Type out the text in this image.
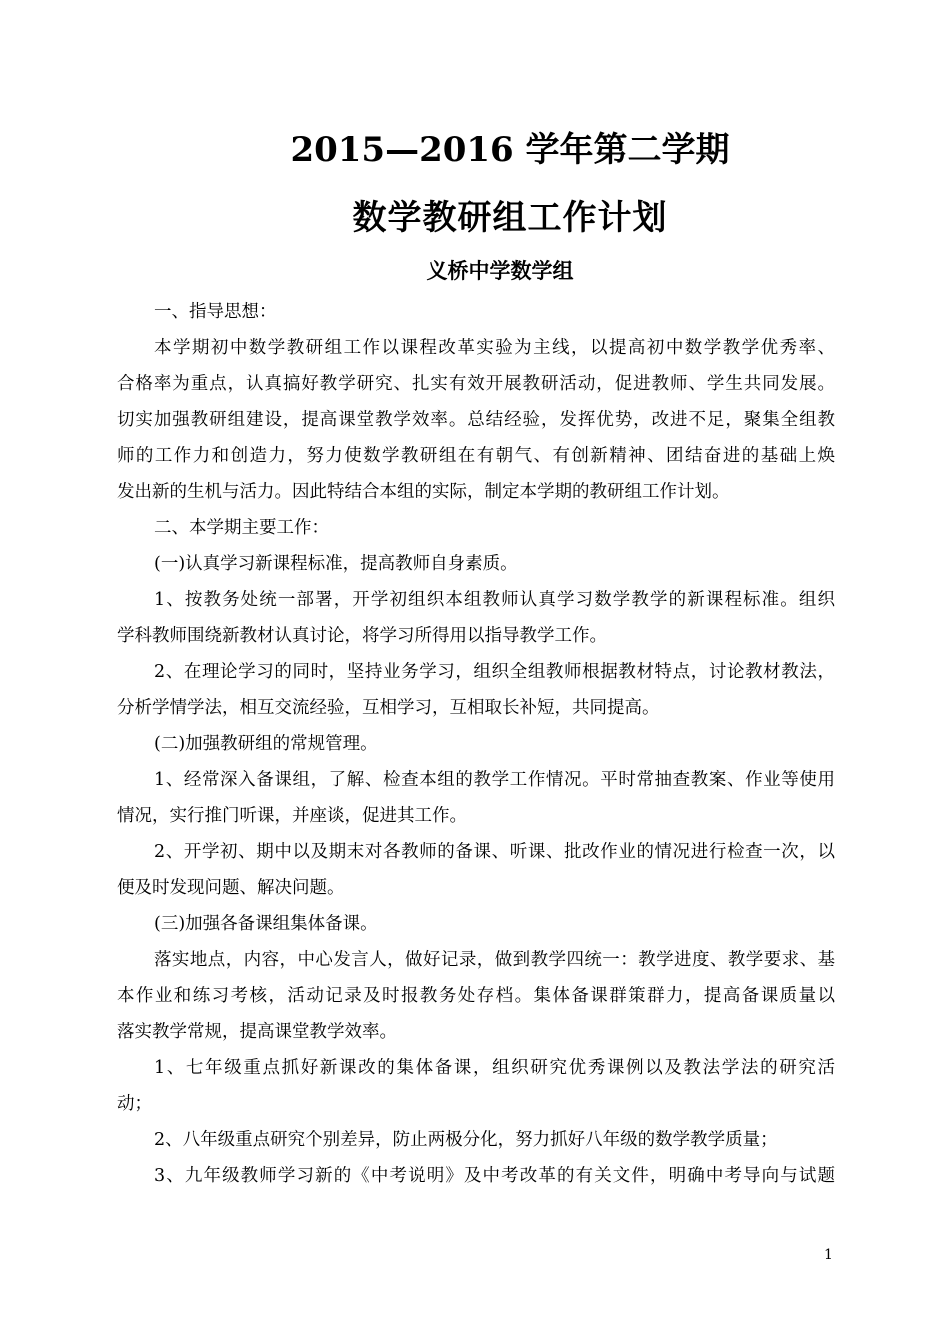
2015—2016 学年第二学期
数学教研组工作计划
义桥中学数学组
一、指导思想：
本学期初中数学教研组工作以课程改革实验为主线，以提高初中数学教学优秀率、
合格率为重点，认真搞好教学研究、扎实有效开展教研活动，促进教师、学生共同发展。
切实加强教研组建设，提高课堂教学效率。总结经验，发挥优势，改进不足，聚集全组教
师的工作力和创造力，努力使数学教研组在有朝气、有创新精神、团结奋进的基础上焕
发出新的生机与活力。因此特结合本组的实际，制定本学期的教研组工作计划。
二、本学期主要工作：
(一)认真学习新课程标准，提高教师自身素质。
1、按教务处统一部署，开学初组织本组教师认真学习数学教学的新课程标准。组织
学科教师围绕新教材认真讨论，将学习所得用以指导教学工作。
2、在理论学习的同时，坚持业务学习，组织全组教师根据教材特点，讨论教材教法，
分析学情学法，相互交流经验，互相学习，互相取长补短，共同提高。
(二)加强教研组的常规管理。
1、经常深入备课组，了解、检查本组的教学工作情况。平时常抽查教案、作业等使用
情况，实行推门听课，并座谈，促进其工作。
2、开学初、期中以及期末对各教师的备课、听课、批改作业的情况进行检查一次，以
便及时发现问题、解决问题。
(三)加强各备课组集体备课。
落实地点，内容，中心发言人，做好记录，做到教学四统一：教学进度、教学要求、基
本作业和练习考核，活动记录及时报教务处存档。集体备课群策群力，提高备课质量以
落实教学常规，提高课堂教学效率。
1、七年级重点抓好新课改的集体备课，组织研究优秀课例以及教法学法的研究活
动；
2、八年级重点研究个别差异，防止两极分化，努力抓好八年级的数学教学质量；
3、九年级教师学习新的《中考说明》及中考改革的有关文件，明确中考导向与试题
1
